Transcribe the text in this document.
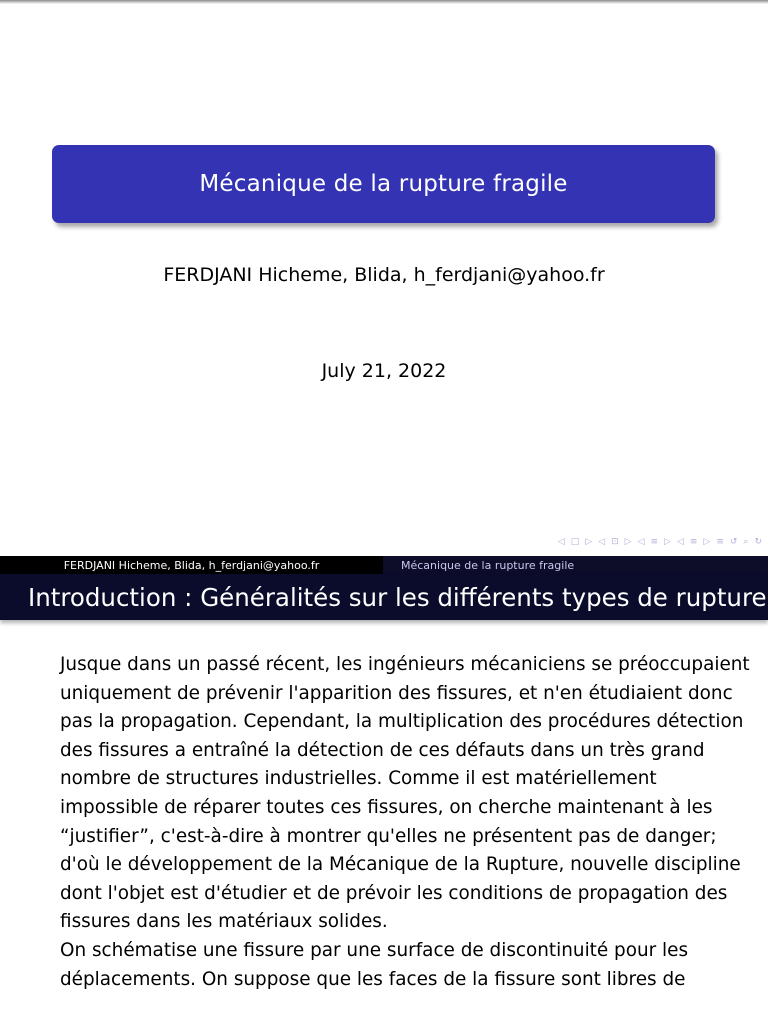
Mécanique de la rupture fragile
FERDJANI Hicheme, Blida, h_ferdjani@yahoo.fr
July 21, 2022
◁ □ ▷ ◁ ⊡ ▷ ◁ ≡ ▷ ◁ ≡ ▷ ≡ ↺ ⌕ ↻
FERDJANI Hicheme, Blida, h_ferdjani@yahoo.fr	Mécanique de la rupture fragile
Introduction : Généralités sur les différents types de rupture

Jusque dans un passé récent, les ingénieurs mécaniciens se préoccupaient uniquement de prévenir l'apparition des fissures, et n'en étudiaient donc pas la propagation. Cependant, la multiplication des procédures détection des fissures a entraîné la détection de ces défauts dans un très grand nombre de structures industrielles. Comme il est matériellement impossible de réparer toutes ces fissures, on cherche maintenant à les “justifier”, c'est-à-dire à montrer qu'elles ne présentent pas de danger; d'où le développement de la Mécanique de la Rupture, nouvelle discipline dont l'objet est d'étudier et de prévoir les conditions de propagation des fissures dans les matériaux solides.

On schématise une fissure par une surface de discontinuité pour les déplacements. On suppose que les faces de la fissure sont libres de
